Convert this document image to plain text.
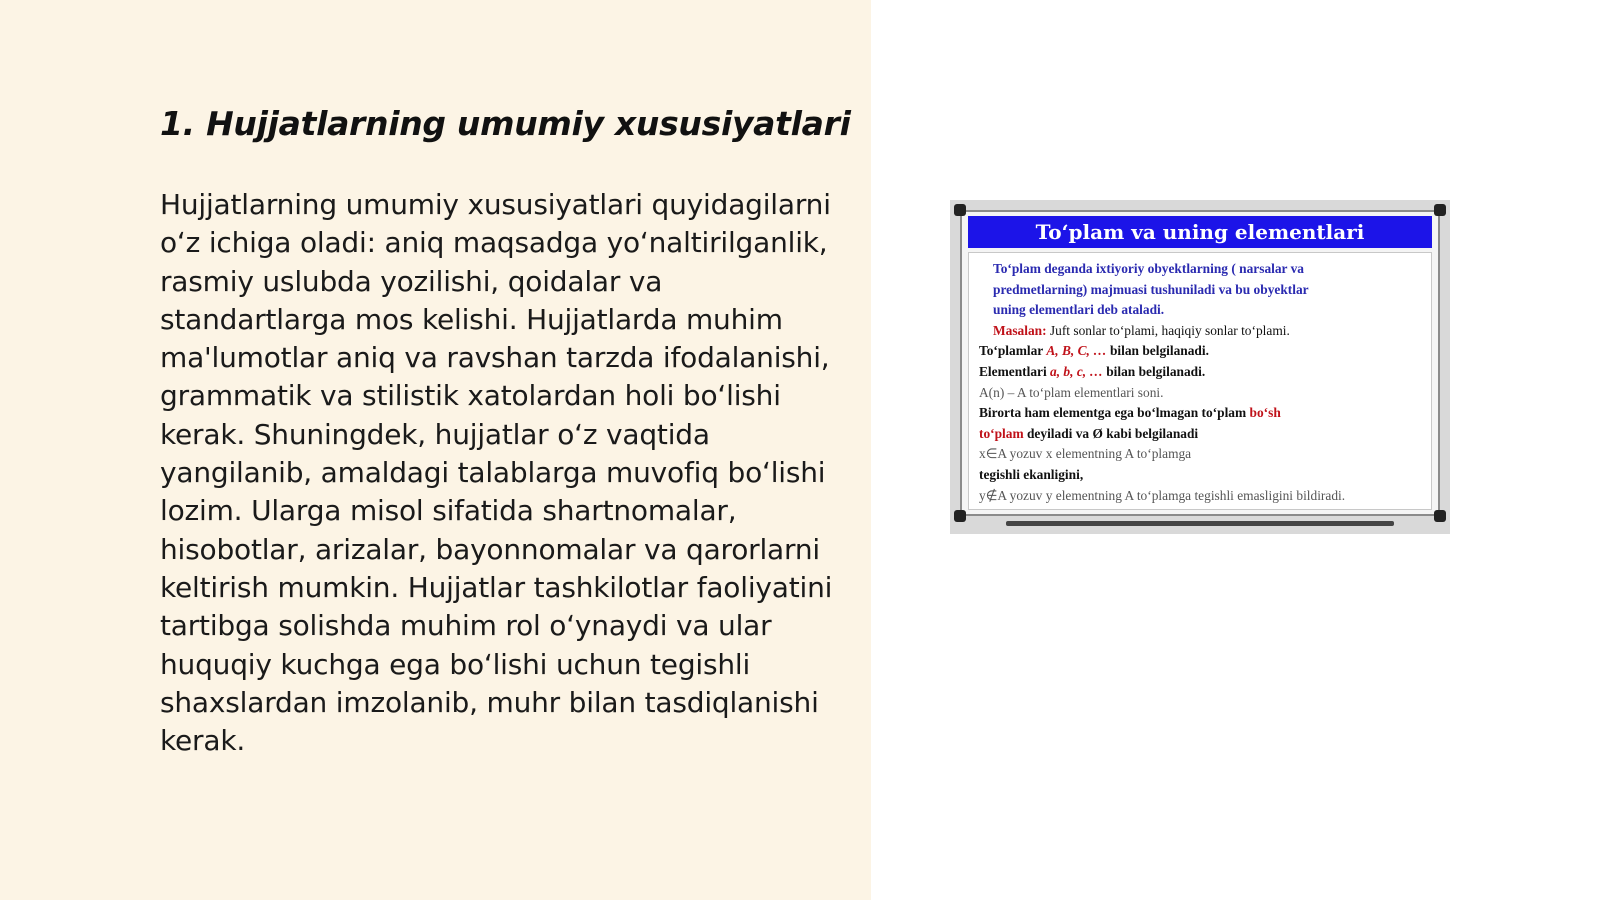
1. Hujjatlarning umumiy xususiyatlari

Hujjatlarning umumiy xususiyatlari quyidagilarni oʻz ichiga oladi: aniq maqsadga yoʻnaltirilganlik, rasmiy uslubda yozilishi, qoidalar va standartlarga mos kelishi. Hujjatlarda muhim ma'lumotlar aniq va ravshan tarzda ifodalanishi, grammatik va stilistik xatolardan holi boʻlishi kerak. Shuningdek, hujjatlar oʻz vaqtida yangilanib, amaldagi talablarga muvofiq boʻlishi lozim. Ularga misol sifatida shartnomalar, hisobotlar, arizalar, bayonnomalar va qarorlarni keltirish mumkin. Hujjatlar tashkilotlar faoliyatini tartibga solishda muhim rol oʻynaydi va ular huquqiy kuchga ega boʻlishi uchun tegishli shaxslardan imzolanib, muhr bilan tasdiqlanishi kerak.

To‘plam va uning elementlari

To‘plam deganda ixtiyoriy obyektlarning ( narsalar va

predmetlarning) majmuasi tushuniladi va bu obyektlar

uning elementlari deb ataladi.

Masalan: Juft sonlar to‘plami, haqiqiy sonlar to‘plami.

To‘plamlar A, B, C, … bilan belgilanadi.

Elementlari a, b, c, … bilan belgilanadi.

A(n) – A to‘plam elementlari soni.

Birorta ham elementga ega bo‘lmagan to‘plam bo‘sh

to‘plam deyiladi va Ø kabi belgilanadi

x∈A yozuv x elementning A to‘plamga

tegishli ekanligini,

y∉A yozuv y elementning A to‘plamga tegishli emasligini bildiradi.
